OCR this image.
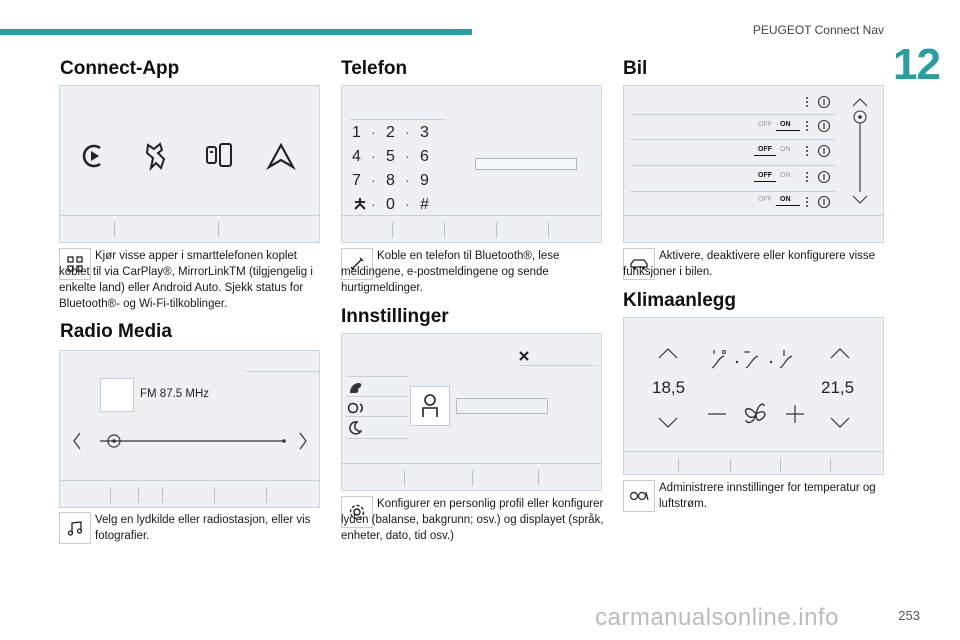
PEUGEOT Connect Nav
12
Connect-App
Kjør visse apper i smarttelefonen koplet koblet til via CarPlay®, MirrorLinkTM (tilgjengelig i enkelte land) eller Android Auto. Sjekk status for Bluetooth®- og Wi-Fi-tilkoblinger.
Radio Media
FM 87.5 MHz
Velg en lydkilde eller radiostasjon, eller vis fotografier.
Telefon
1 · 2 · 3
4 · 5 · 6
7 · 8 · 9
· 0 · #
Koble en telefon til Bluetooth®, lese meldingene, e-postmeldingene og sende hurtigmeldinger.
Innstillinger
Konfigurer en personlig profil eller konfigurer lyden (balanse, bakgrunn; osv.) og displayet (språk, enheter, dato, tid osv.)
Bil
OFF ON
OFF ON
OFF ON
OFF ON
Aktivere, deaktivere eller konfigurere visse funksjoner i bilen.
Klimaanlegg
18,5	21,5
Administrere innstillinger for temperatur og luftstrøm.
carmanualsonline.info	253
